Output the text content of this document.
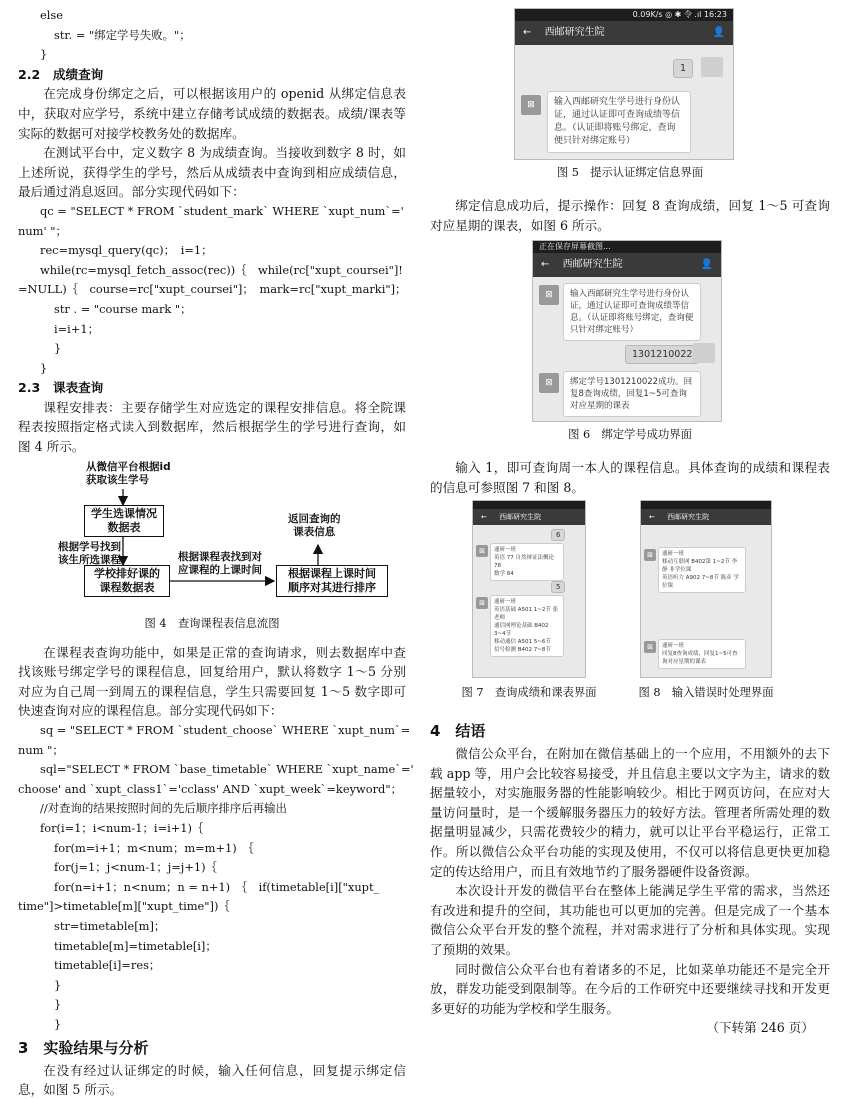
else

str. = "绑定学号失败。"；

}

2.2　成绩查询

在完成身份绑定之后，可以根据该用户的 openid 从绑定信息表中，获取对应学号，系统中建立存储考试成绩的数据表。成绩/课表等实际的数据可对接学校教务处的数据库。

在测试平台中，定义数字 8 为成绩查询。当接收到数字 8 时，如上述所说，获得学生的学号，然后从成绩表中查询到相应成绩信息，最后通过消息返回。部分实现代码如下：

qc = "SELECT * FROM `student_mark` WHERE `xupt_num`='

num' "；

rec=mysql_query(qc)；　i=1；

while(rc=mysql_fetch_assoc(rec))｛　while(rc["xupt_coursei"]!

=NULL)｛　course=rc["xupt_coursei"]；　mark=rc["xupt_marki"]；

str . = "course mark "；

i=i+1；

}

}

2.3　课表查询

课程安排表：主要存储学生对应选定的课程安排信息。将全院课程表按照指定格式读入到数据库，然后根据学生的学号进行查询，如图 4 所示。

从微信平台根据id
获取该生学号
学生选课情况
数据表
根据学号找到
该生所选课程
学校排好课的
课程数据表
根据课程表找到对
应课程的上课时间	根据课程上课时间
顺序对其进行排序
返回查询的
课表信息

图 4　查询课程表信息流图

在课程表查询功能中，如果是正常的查询请求，则去数据库中查找该账号绑定学号的课程信息，回复给用户，默认将数字 1～5 分别对应为自己周一到周五的课程信息，学生只需要回复 1～5 数字即可快速查询对应的课程信息。部分实现代码如下：

sq = "SELECT * FROM `student_choose` WHERE `xupt_num`=

num "；

sql="SELECT * FROM `base_timetable` WHERE `xupt_name`='

choose' and `xupt_class1`='cclass' AND `xupt_week`=keyword"；

//对查询的结果按照时间的先后顺序排序后再输出

for(i=1；i<num-1；i=i+1)｛

for(m=i+1；m<num；m=m+1)　｛

for(j=1；j<num-1；j=j+1)｛

for(n=i+1；n<num；n = n+1)　｛　if(timetable[i]["xupt_

time"]>timetable[m]["xupt_time"])｛

str=timetable[m]；

timetable[m]=timetable[i]；

timetable[i]=res；

}

}

}

3　实验结果与分析

在没有经过认证绑定的时候，输入任何信息，回复提示绑定信息，如图 5 所示。

0.09K/s ◎ ✱ 令 .ıl 16:23
← 西邮研究生院	👤
1
⊠	输入西邮研究生学号进行身份认证，通过认证即可查询成绩等信息。（认证即将账号绑定，查询便只针对绑定账号）

图 5　提示认证绑定信息界面

绑定信息成功后，提示操作：回复 8 查询成绩，回复 1～5 可查询对应星期的课表，如图 6 所示。

正在保存屏幕截图...
← 西邮研究生院	👤
⊠	输入西邮研究生学号进行身份认证，通过认证即可查询成绩等信息。（认证即将账号绑定，查询便只针对绑定账号）
1301210022
⊠	绑定学号1301210022成功。回复8查询成绩，回复1~5可查询对应星期的课表

图 6　绑定学号成功界面

输入 1，即可查询周一本人的课程信息。具体查询的成绩和课程表的信息可参照图 7 和图 8。

← 西邮研究生院
6
⊠	通研一班
英语 77 自然辩证法概论 78
数学 84
5
⊠	通研一班
英语基础 A501 1~2节 张老师
通信网理论基础 B402 3~4节
移动通信 A501 5~6节
信号检测 B402 7~8节
← 西邮研究生院
⊠	通研一班
移动互联网 B402第 1~2节 李静 非学位课
英语听力 A902 7~8节 陈彦 学位课
⊠	通研一班
回复8查询成绩，回复1~5可查询对应星期的课表

图 7　查询成绩和课表界面	图 8　输入错误时处理界面

4　结语

微信公众平台，在附加在微信基础上的一个应用，不用额外的去下载 app 等，用户会比较容易接受，并且信息主要以文字为主，请求的数据量较小，对实施服务器的性能影响较少。相比于网页访问，在应对大量访问量时，是一个缓解服务器压力的较好方法。管理者所需处理的数据量明显减少，只需花费较少的精力，就可以让平台平稳运行，正常工作。所以微信公众平台功能的实现及使用，不仅可以将信息更快更加稳定的传达给用户，而且有效地节约了服务器硬件设备资源。

本次设计开发的微信平台在整体上能满足学生平常的需求，当然还有改进和提升的空间，其功能也可以更加的完善。但是完成了一个基本微信公众平台开发的整个流程，并对需求进行了分析和具体实现。实现了预期的效果。

同时微信公众平台也有着诸多的不足，比如菜单功能还不是完全开放，群发功能受到限制等。在今后的工作研究中还要继续寻找和开发更多更好的功能为学校和学生服务。

（下转第 246 页）
